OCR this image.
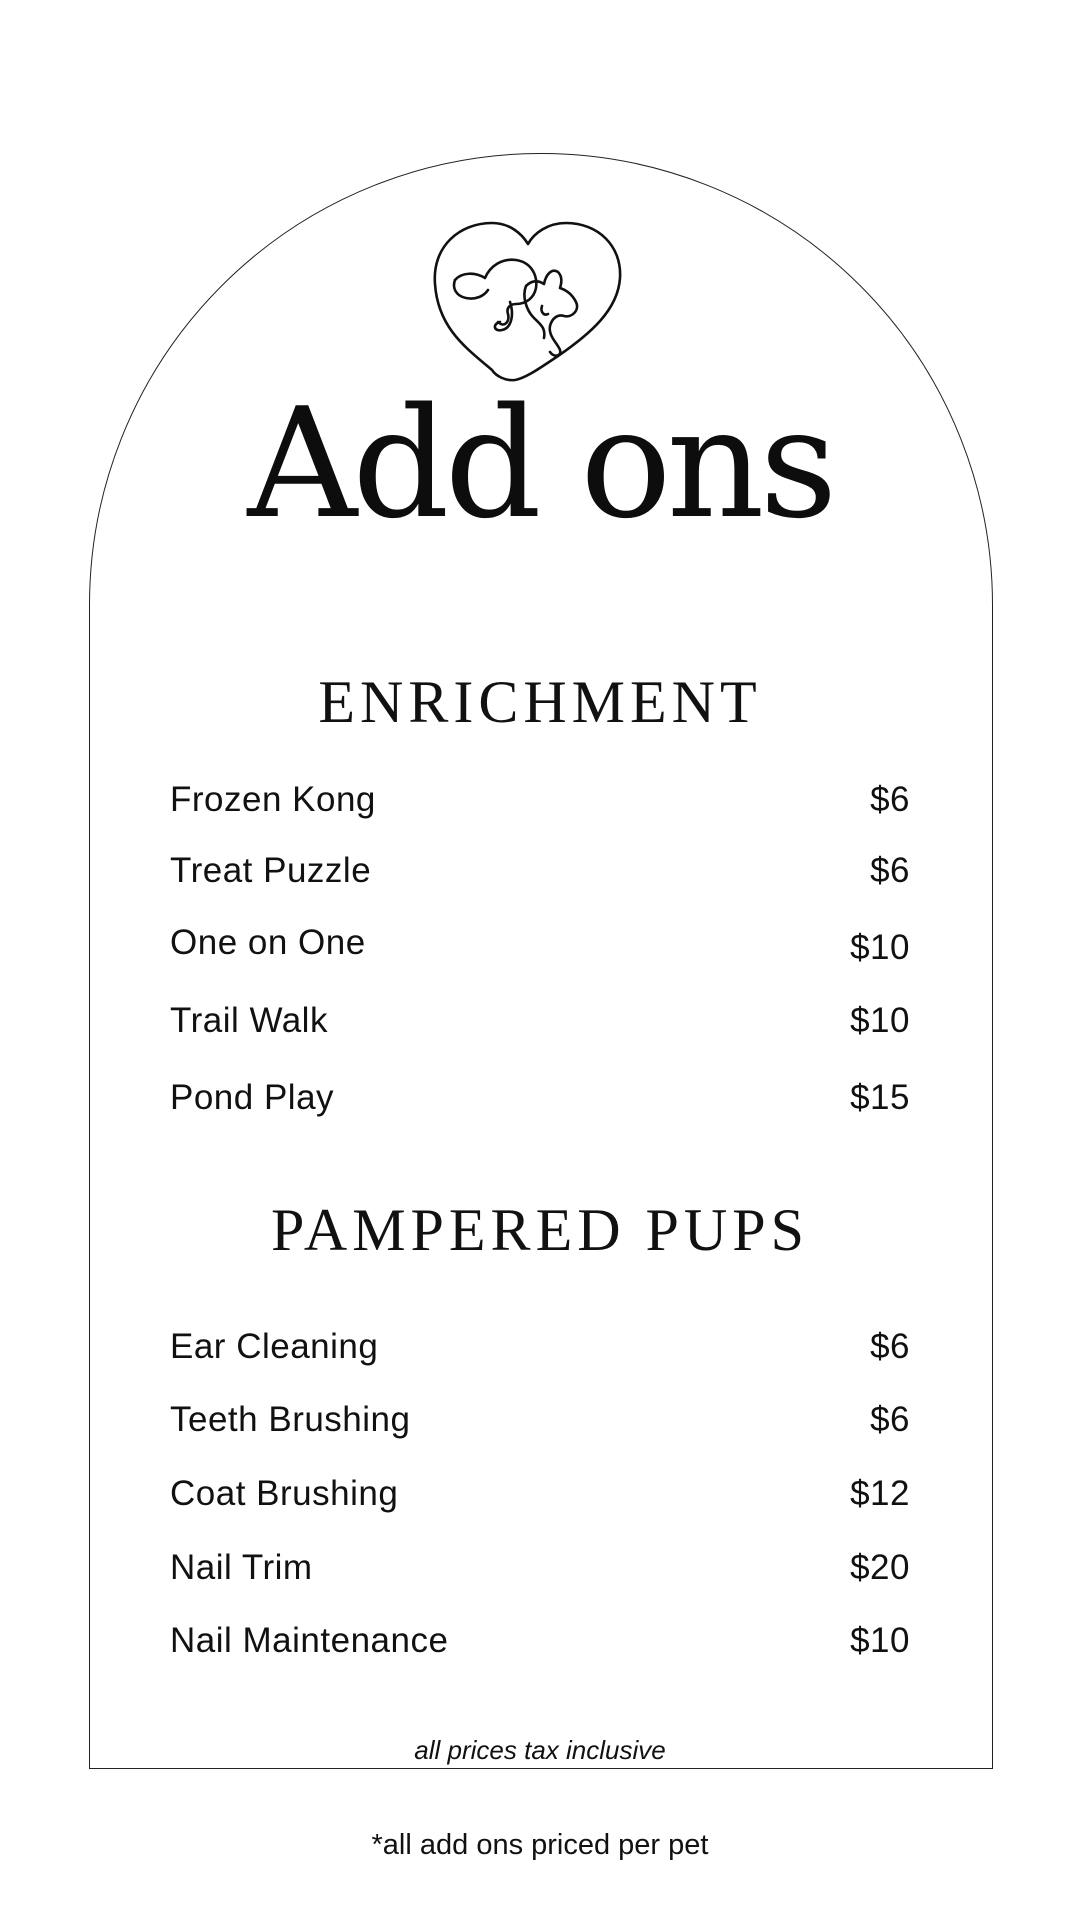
Add ons
ENRICHMENT
Frozen Kong	$6
Treat Puzzle	$6
One on One	$10
Trail Walk	$10
Pond Play	$15
PAMPERED PUPS
Ear Cleaning	$6
Teeth Brushing	$6
Coat Brushing	$12
Nail Trim	$20
Nail Maintenance	$10
all prices tax inclusive
*all add ons priced per pet
